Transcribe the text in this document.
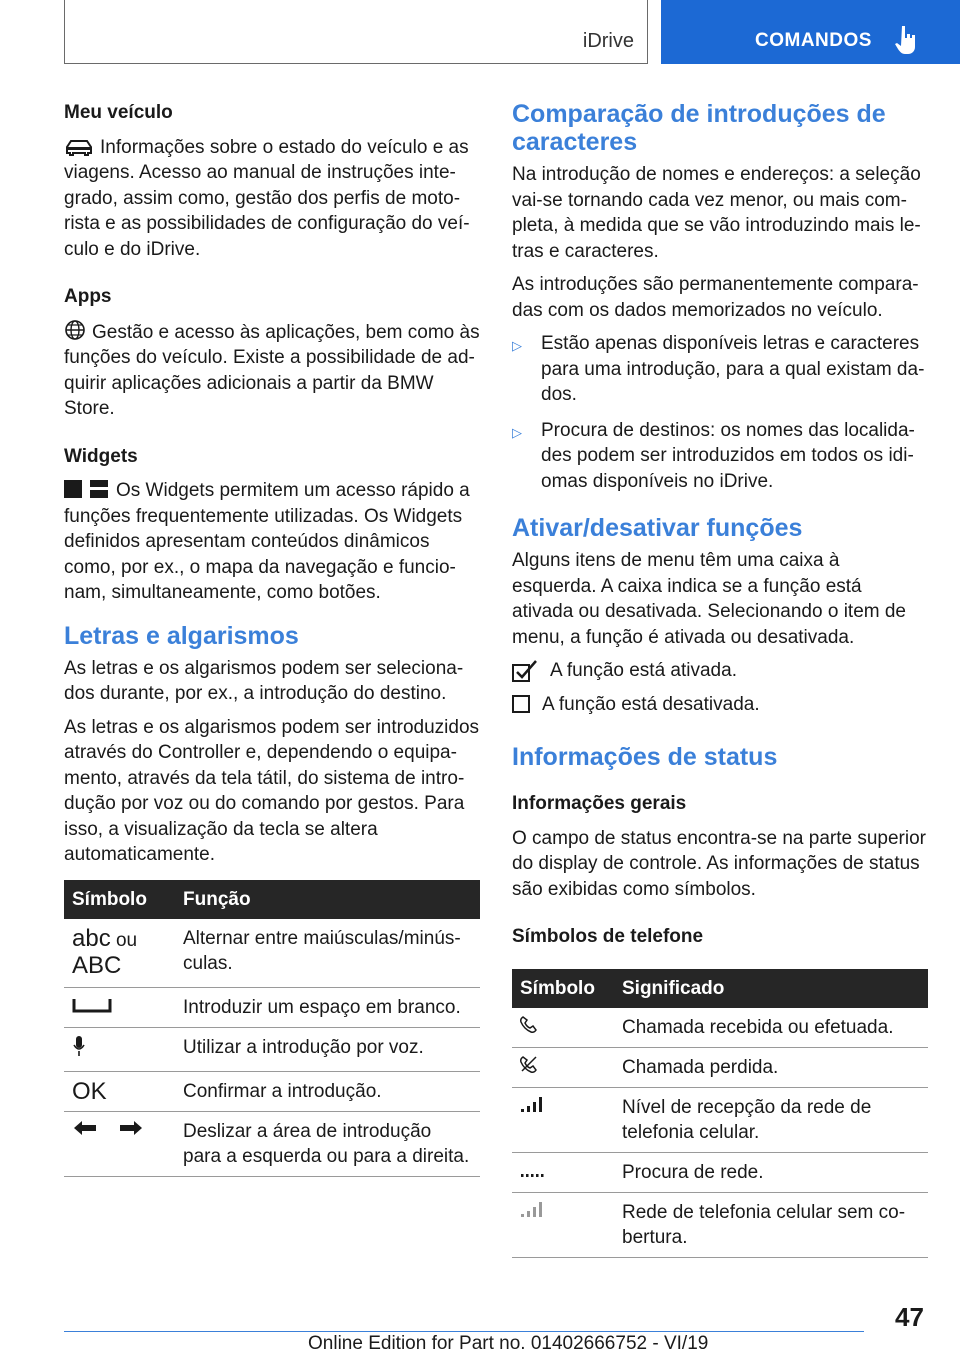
iDrive	COMANDOS
Meu veículo

Informações sobre o estado do veículo e as viagens. Acesso ao manual de instruções integrado, assim como, gestão dos perfis de motorista e as possibilidades de configuração do veículo e do iDrive.

Apps

Gestão e acesso às aplicações, bem como às funções do veículo. Existe a possibilidade de adquirir aplicações adicionais a partir da BMW Store.

Widgets

Os Widgets permitem um acesso rápido a funções frequentemente utilizadas. Os Widgets definidos apresentam conteúdos dinâmicos como, por ex., o mapa da navegação e funcionam, simultaneamente, como botões.

Letras e algarismos

As letras e os algarismos podem ser selecionados durante, por ex., a introdução do destino.

As letras e os algarismos podem ser introduzidos através do Controller e, dependendo o equipamento, através da tela tátil, do sistema de introdução por voz ou do comando por gestos. Para isso, a visualização da tecla se altera automaticamente.

Símbolo	Função
abc ou
ABC	Alternar entre maiúsculas/minúsculas.
	Introduzir um espaço em branco.
	Utilizar a introdução por voz.
OK	Confirmar a introdução.
	Deslizar a área de introdução para a esquerda ou para a direita.
Comparação de introduções de caracteres

Na introdução de nomes e endereços: a seleção vai-se tornando cada vez menor, ou mais completa, à medida que se vão introduzindo mais letras e caracteres.

As introduções são permanentemente comparadas com os dados memorizados no veículo.

▷	Estão apenas disponíveis letras e caracteres para uma introdução, para a qual existam dados.
▷	Procura de destinos: os nomes das localidades podem ser introduzidos em todos os idiomas disponíveis no iDrive.
Ativar/desativar funções

Alguns itens de menu têm uma caixa à esquerda. A caixa indica se a função está ativada ou desativada. Selecionando o item de menu, a função é ativada ou desativada.

A função está ativada.
A função está desativada.
Informações de status
Informações gerais

O campo de status encontra-se na parte superior do display de controle. As informações de status são exibidas como símbolos.

Símbolos de telefone
Símbolo	Significado
	Chamada recebida ou efetuada.
	Chamada perdida.
	Nível de recepção da rede de telefonia celular.
	Procura de rede.
	Rede de telefonia celular sem cobertura.
47
Online Edition for Part no. 01402666752 - VI/19
